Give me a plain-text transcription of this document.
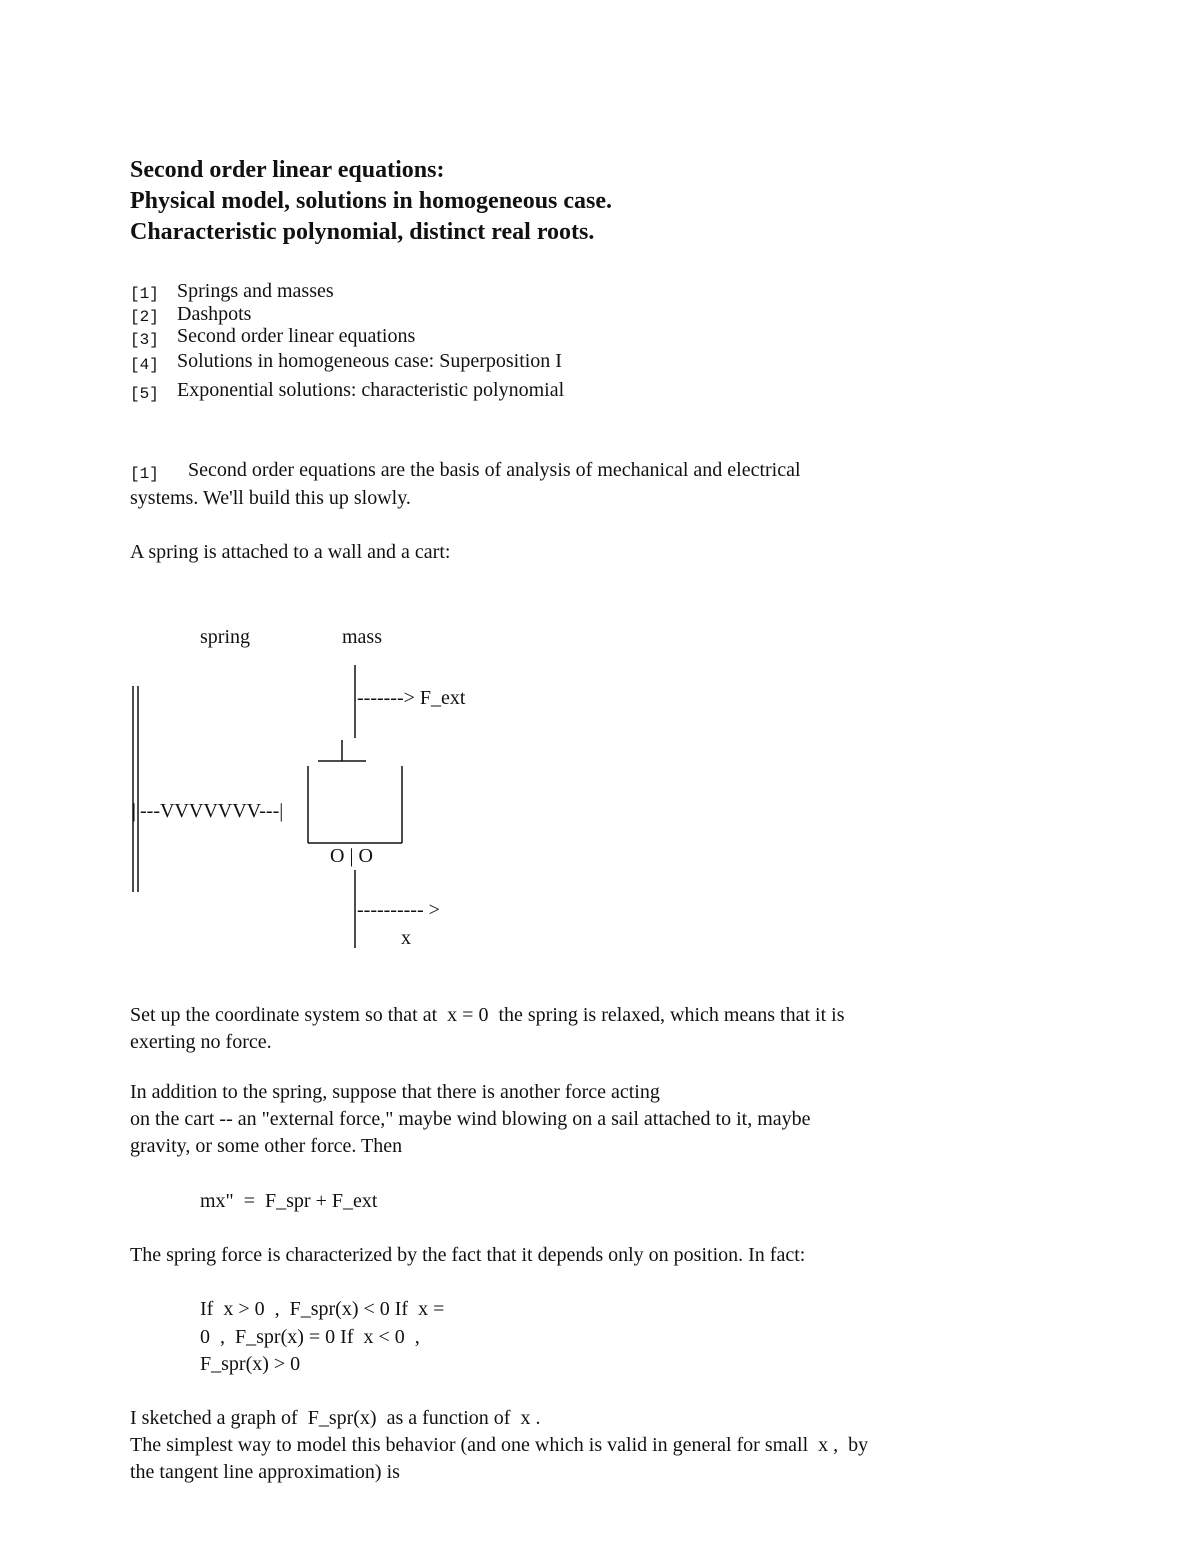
Second order linear equations:
Physical model, solutions in homogeneous case.
Characteristic polynomial, distinct real roots.
[1] Springs and masses
[2] Dashpots
[3] Second order linear equations
[4] Solutions in homogeneous case: Superposition I
[5] Exponential solutions: characteristic polynomial
[1] Second order equations are the basis of analysis of mechanical and electrical
systems. We'll build this up slowly.
A spring is attached to a wall and a cart:
spring	mass
-------> F_ext
||---VVVVVVV---|
O | O
|---------- >
x
Set up the coordinate system so that at  x = 0  the spring is relaxed, which means that it is
exerting no force.
In addition to the spring, suppose that there is another force acting
on the cart -- an "external force," maybe wind blowing on a sail attached to it, maybe
gravity, or some other force. Then
mx"  =  F_spr + F_ext
The spring force is characterized by the fact that it depends only on position. In fact:
If  x > 0  ,  F_spr(x) < 0 If  x =
0  ,  F_spr(x) = 0 If  x < 0  ,
F_spr(x) > 0
I sketched a graph of  F_spr(x)  as a function of  x .
The simplest way to model this behavior (and one which is valid in general for small  x ,  by
the tangent line approximation) is
